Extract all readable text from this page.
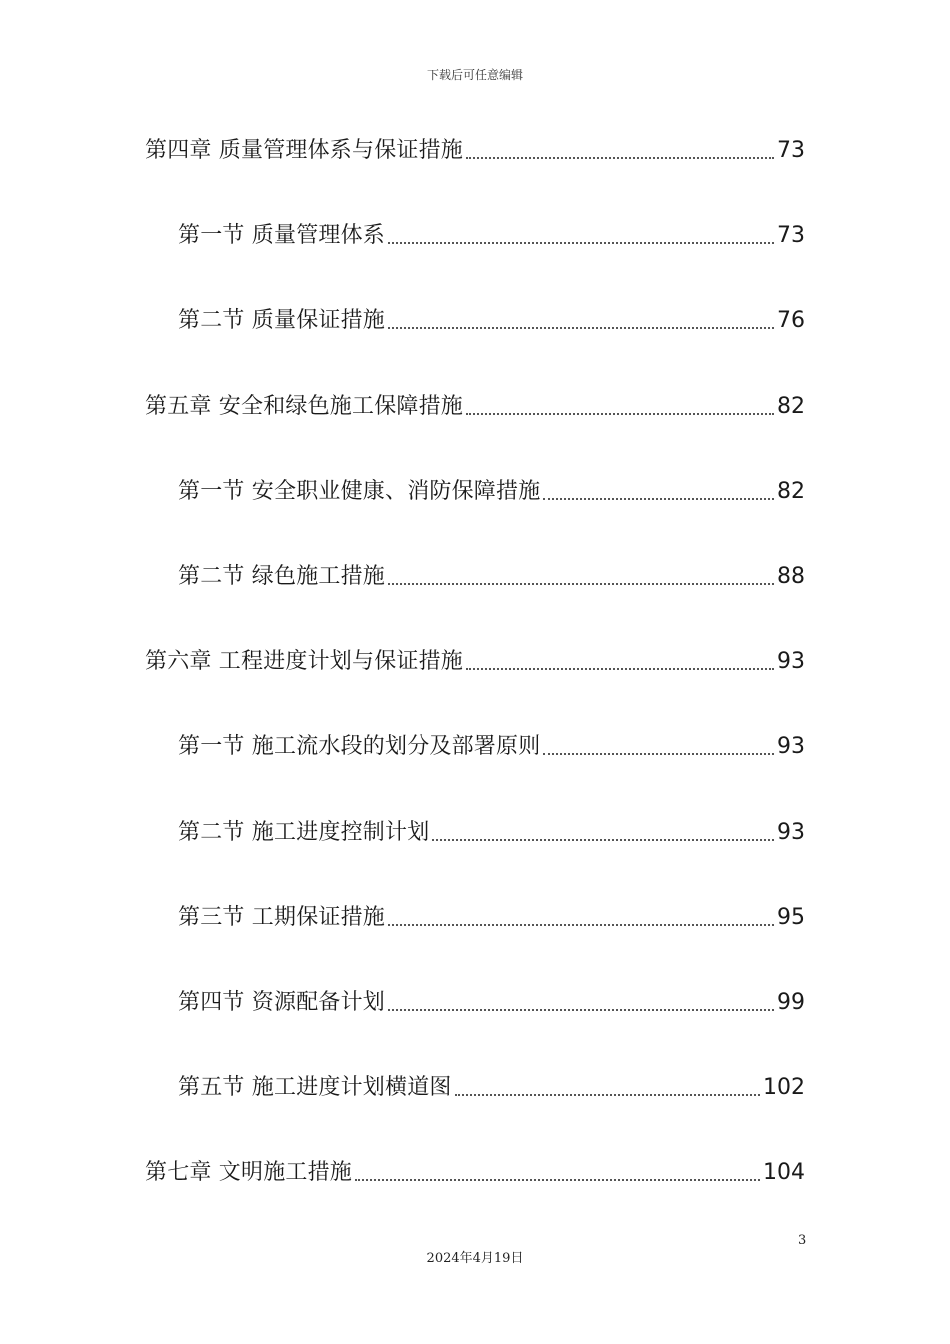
下载后可任意编辑
第四章 质量管理体系与保证措施	73
第一节 质量管理体系	73
第二节 质量保证措施	76
第五章 安全和绿色施工保障措施	82
第一节 安全职业健康、消防保障措施	82
第二节 绿色施工措施	88
第六章 工程进度计划与保证措施	93
第一节 施工流水段的划分及部署原则	93
第二节 施工进度控制计划	93
第三节 工期保证措施	95
第四节 资源配备计划	99
第五节 施工进度计划横道图	102
第七章 文明施工措施	104
3
2024年4月19日
